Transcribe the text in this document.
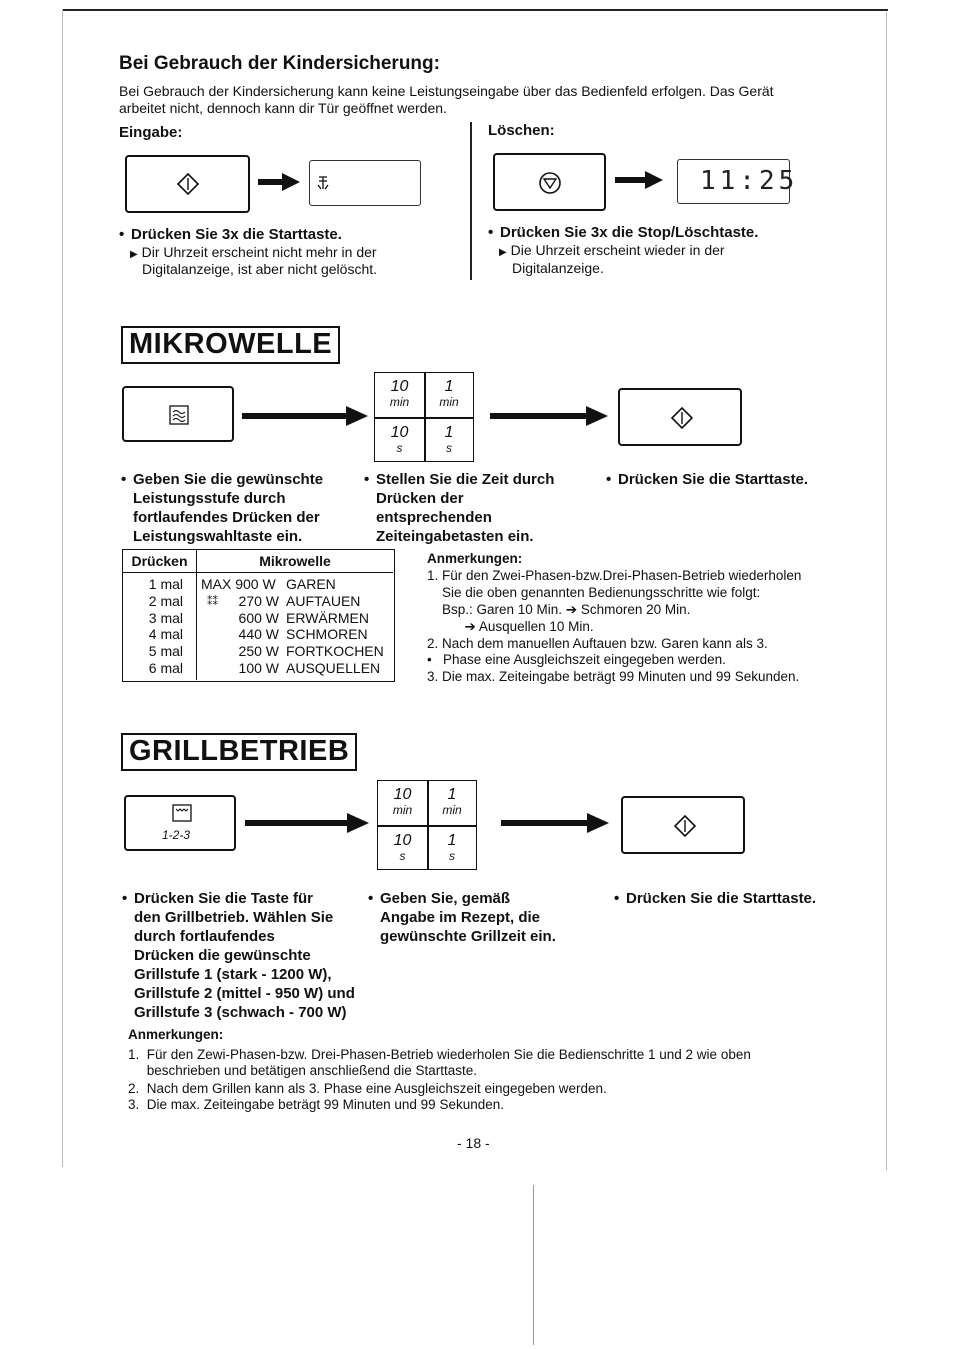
Bei Gebrauch der Kindersicherung:
Bei Gebrauch der Kindersicherung kann keine Leistungseingabe über das Bedienfeld erfolgen. Das Gerät
arbeitet nicht, dennoch kann dir Tür geöffnet werden.
Eingabe:	Löschen:
11:25
• Drücken Sie 3x die Starttaste.
▶ Dir Uhrzeit erscheint nicht mehr in der
Digitalanzeige, ist aber nicht gelöscht.
• Drücken Sie 3x die Stop/Löschtaste.
▶ Die Uhrzeit erscheint wieder in der
Digitalanzeige.
MIKROWELLE
10
min
1
min
10
s
1
s
• Geben Sie die gewünschte
Leistungsstufe durch
fortlaufendes Drücken der
Leistungswahltaste ein.
• Stellen Sie die Zeit durch
Drücken der
entsprechenden
Zeiteingabetasten ein.
• Drücken Sie die Starttaste.
Drücken	Mikrowelle
1 mal MAX 900 W GAREN
2 mal ⁑⁑	270 W AUFTAUEN
3 mal	600 W ERWÄRMEN
4 mal	440 W SCHMOREN
5 mal	250 W FORTKOCHEN
6 mal	100 W AUSQUELLEN
Anmerkungen:
1. Für den Zwei-Phasen-bzw.Drei-Phasen-Betrieb wiederholen
Sie die oben genannten Bedienungsschritte wie folgt:
Bsp.: Garen 10 Min. ➔ Schmoren 20 Min.
➔ Ausquellen 10 Min.
2. Nach dem manuellen Auftauen bzw. Garen kann als 3.
•   Phase eine Ausgleichszeit eingegeben werden.
3. Die max. Zeiteingabe beträgt 99 Minuten und 99 Sekunden.
GRILLBETRIEB
1-2-3
10
min
1
min
10
s
1
s
• Drücken Sie die Taste für
den Grillbetrieb. Wählen Sie
durch fortlaufendes
Drücken die gewünschte
Grillstufe 1 (stark - 1200 W),
Grillstufe 2 (mittel - 950 W) und
Grillstufe 3 (schwach - 700 W)
• Geben Sie, gemäß
Angabe im Rezept, die
gewünschte Grillzeit ein.
• Drücken Sie die Starttaste.
Anmerkungen:
1.  Für den Zewi-Phasen-bzw. Drei-Phasen-Betrieb wiederholen Sie die Bedienschritte 1 und 2 wie oben
beschrieben und betätigen anschließend die Starttaste.
2.  Nach dem Grillen kann als 3. Phase eine Ausgleichszeit eingegeben werden.
3.  Die max. Zeiteingabe beträgt 99 Minuten und 99 Sekunden.
- 18 -
